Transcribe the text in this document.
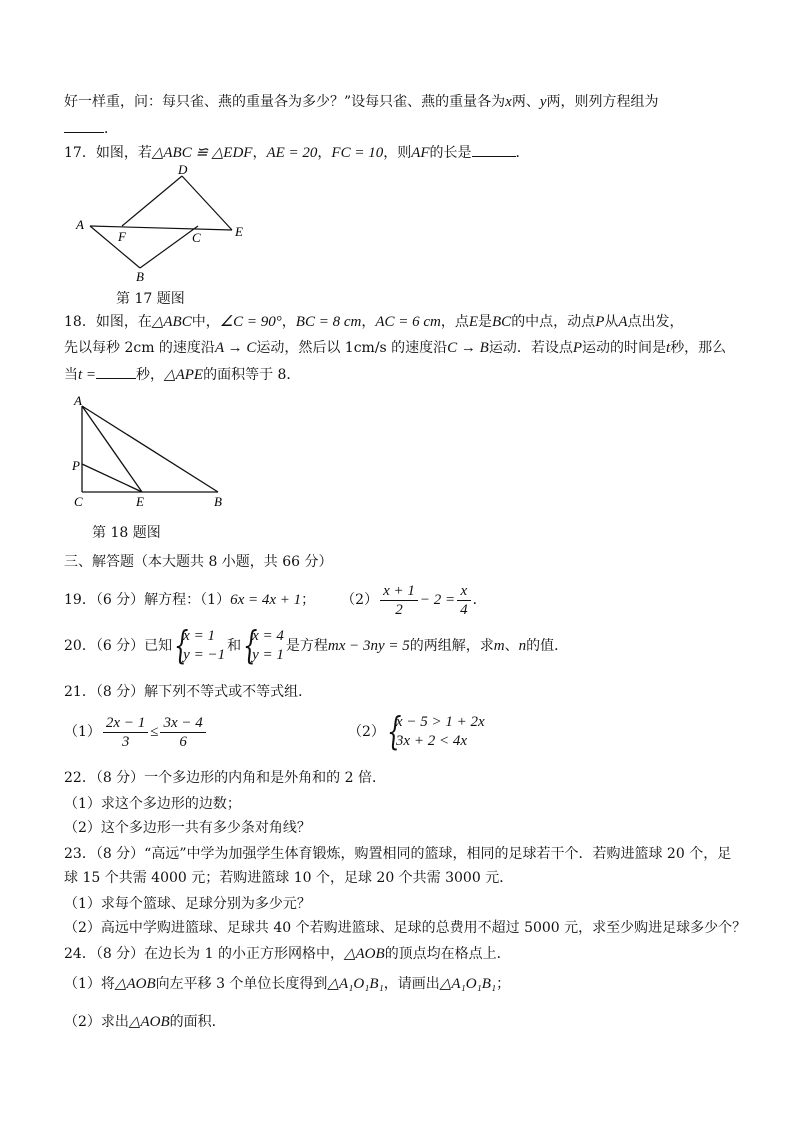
好一样重，问：每只雀、燕的重量各为多少？”设每只雀、燕的重量各为x两、y两，则列方程组为
．
17．如图，若△ABC ≌ △EDF，AE = 20，FC = 10，则AF的长是	．
A
B
C
D
E
F
第 17 题图
18．如图，在△ABC中，∠C = 90°，BC = 8 cm，AC = 6 cm，点E是BC的中点，动点P从A点出发，
先以每秒 2cm 的速度沿A → C运动，然后以 1cm/s 的速度沿C → B运动．若设点P运动的时间是t秒，那么
当t =	秒，△APE的面积等于 8．
A
P
C	E	B
第 18 题图
三、解答题（本大题共 8 小题，共 66 分）
19．（6 分）解方程：（1） 6x = 4x + 1 ； $(2) \frac{x + 1}{2} - 2 = \frac{x}{4}$ ．
20．（6 分）已知 {
x = 1
y = −1
和 {
x = 4
y = 1
是方程 mx − 3ny = 5 的两组解，求 m 、 n 的值．
21．（8 分）解下列不等式或不等式组．
$(1) \frac{2x - 1}{3} \le \frac{3x - 4}{6}$	（2） {
x − 5 > 1 + 2x
3x + 2 < 4x
22．（8 分）一个多边形的内角和是外角和的 2 倍．
（1）求这个多边形的边数；
（2）这个多边形一共有多少条对角线？
23．（8 分）“高远”中学为加强学生体育锻炼，购置相同的篮球，相同的足球若干个．若购进篮球 20 个，足
球 15 个共需 4000 元；若购进篮球 10 个，足球 20 个共需 3000 元．
（1）求每个篮球、足球分别为多少元？
（2）高远中学购进篮球、足球共 40 个若购进篮球、足球的总费用不超过 5000 元，求至少购进足球多少个？
24．（8 分）在边长为 1 的小正方形网格中，△AOB的顶点均在格点上．
（1）将△AOB向左平移 3 个单位长度得到△A₁O₁B₁，请画出△A₁O₁B₁；
（2）求出△AOB的面积．
